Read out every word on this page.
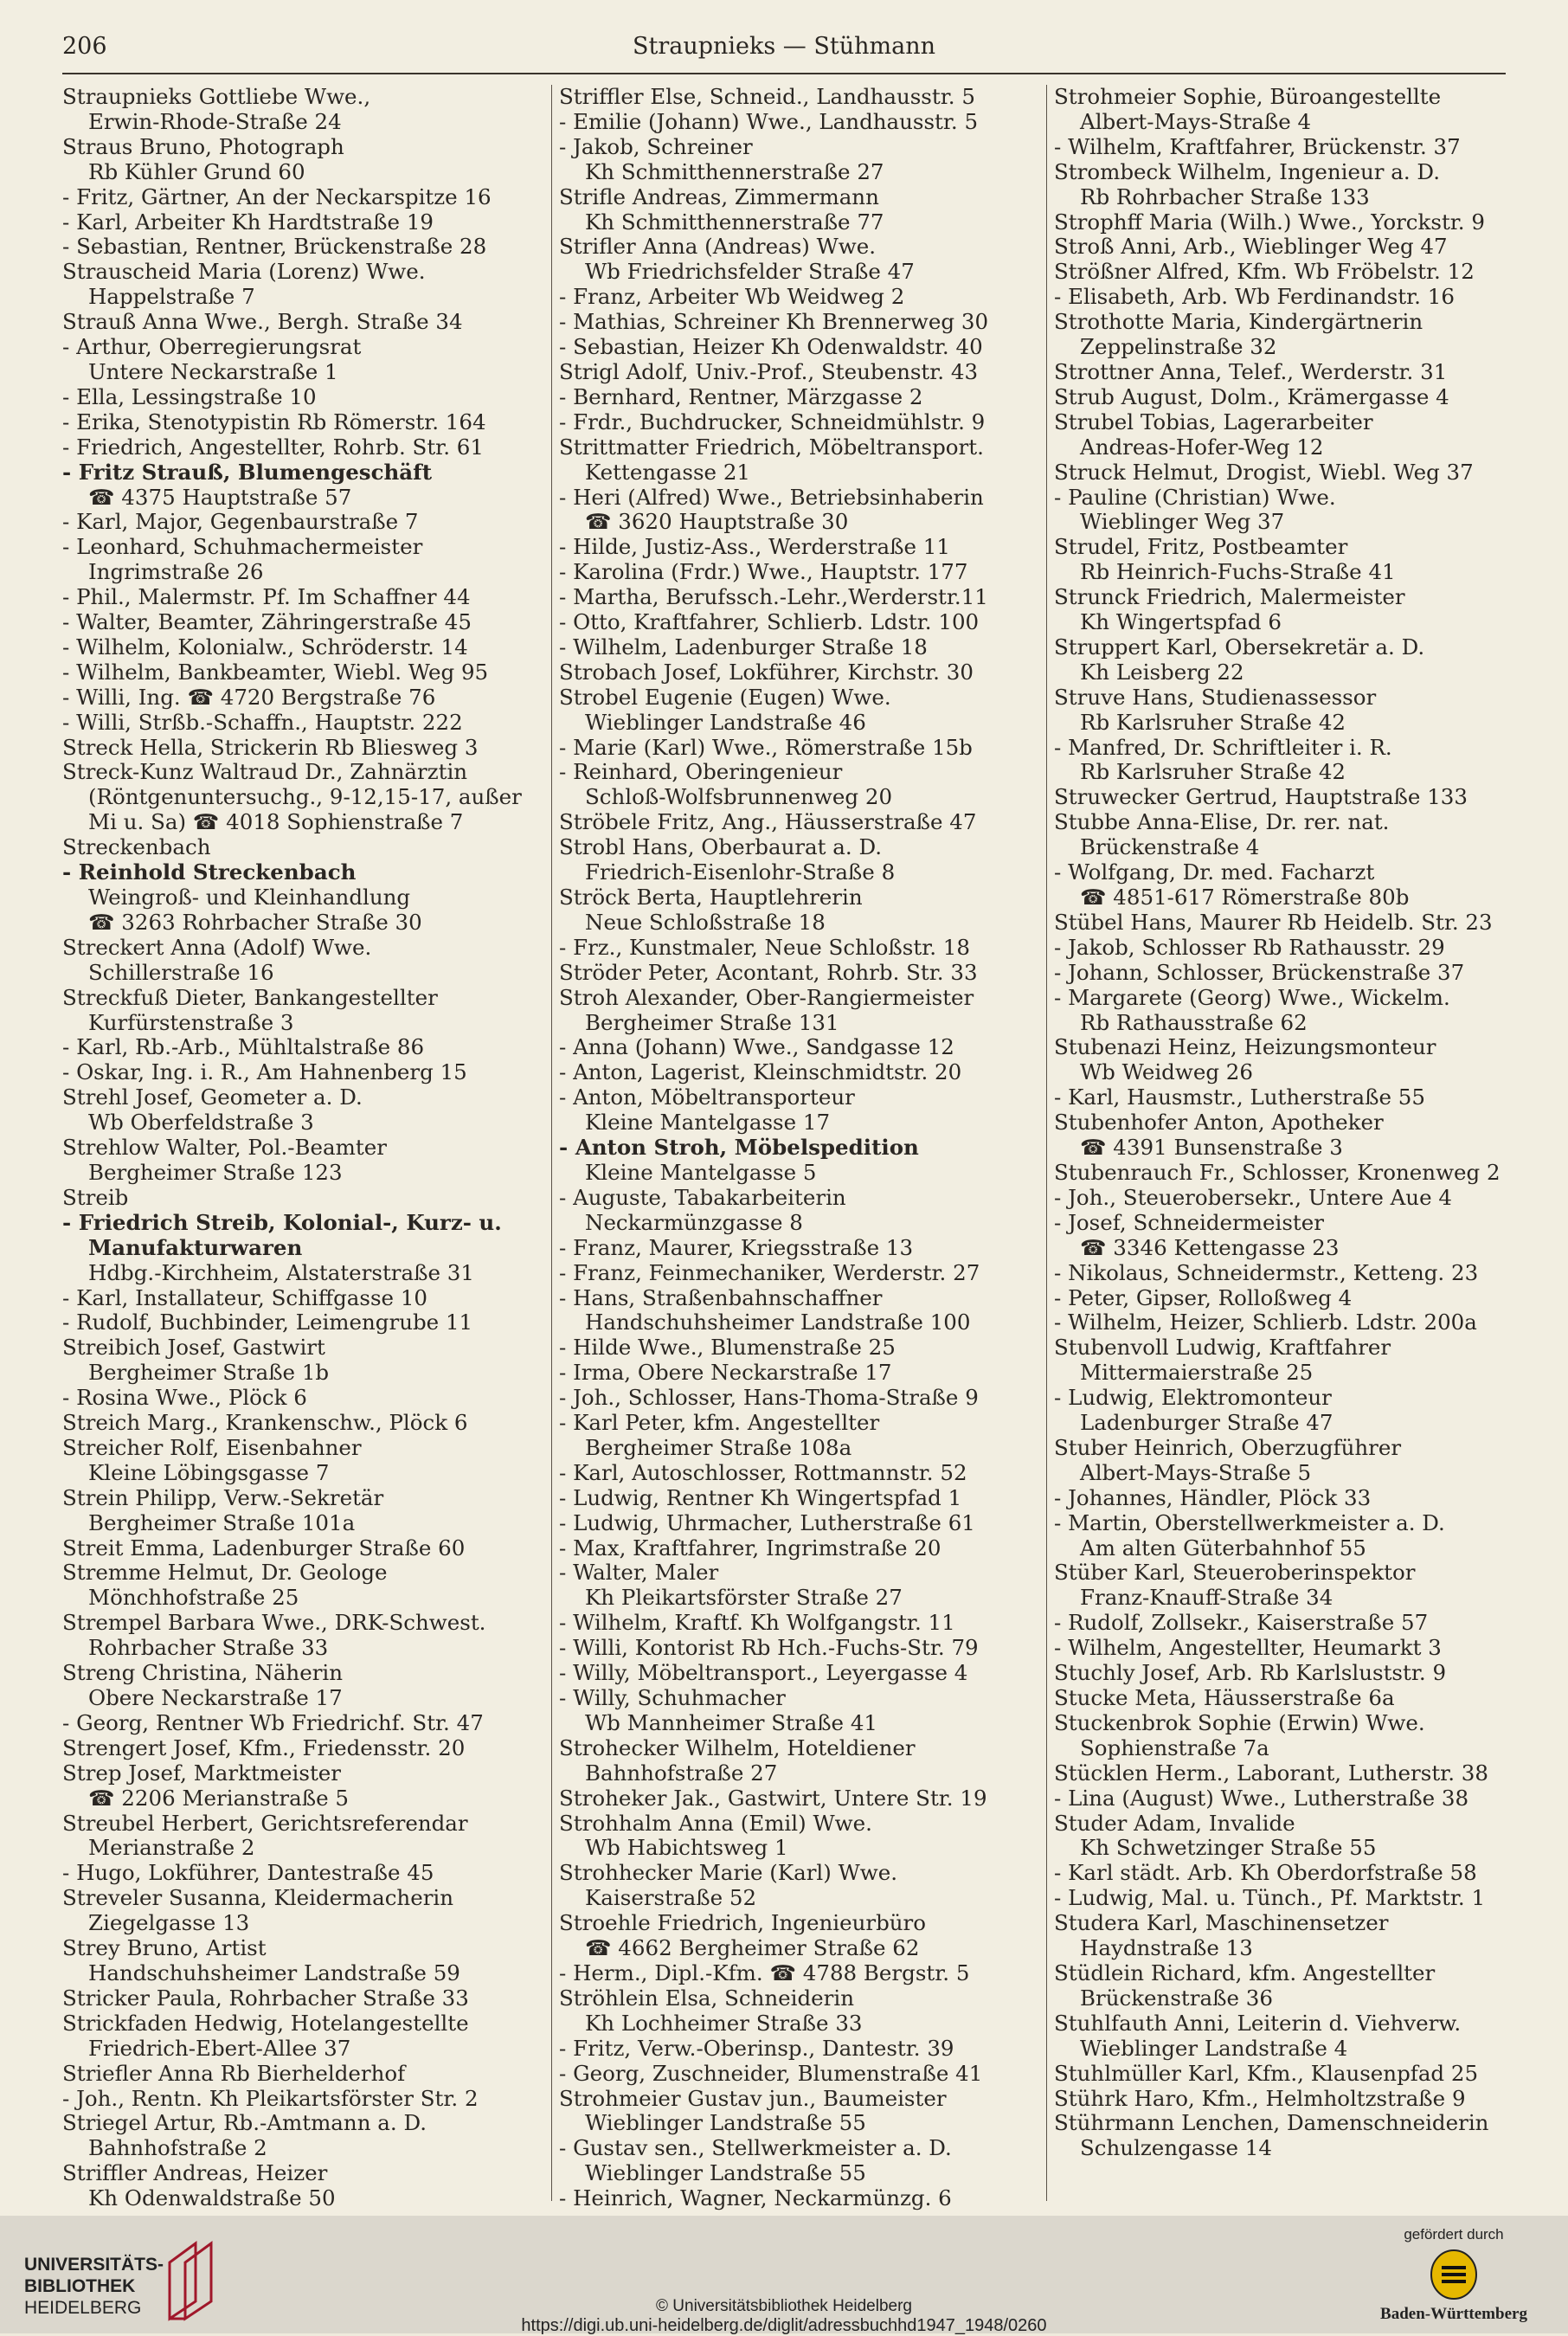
206	Straupnieks — Stühmann
Straupnieks Gottliebe Wwe.,
Erwin-Rhode-Straße 24
Straus Bruno, Photograph
Rb Kühler Grund 60
- Fritz, Gärtner, An der Neckarspitze 16
- Karl, Arbeiter Kh Hardtstraße 19
- Sebastian, Rentner, Brückenstraße 28
Strauscheid Maria (Lorenz) Wwe.
Happelstraße 7
Strauß Anna Wwe., Bergh. Straße 34
- Arthur, Oberregierungsrat
Untere Neckarstraße 1
- Ella, Lessingstraße 10
- Erika, Stenotypistin Rb Römerstr. 164
- Friedrich, Angestellter, Rohrb. Str. 61
- Fritz Strauß, Blumengeschäft
☎ 4375 Hauptstraße 57
- Karl, Major, Gegenbaurstraße 7
- Leonhard, Schuhmachermeister
Ingrimstraße 26
- Phil., Malermstr. Pf. Im Schaffner 44
- Walter, Beamter, Zähringerstraße 45
- Wilhelm, Kolonialw., Schröderstr. 14
- Wilhelm, Bankbeamter, Wiebl. Weg 95
- Willi, Ing. ☎ 4720 Bergstraße 76
- Willi, Strßb.-Schaffn., Hauptstr. 222
Streck Hella, Strickerin Rb Bliesweg 3
Streck-Kunz Waltraud Dr., Zahnärztin
(Röntgenuntersuchg., 9-12,15-17, außer
Mi u. Sa) ☎ 4018 Sophienstraße 7
Streckenbach
- Reinhold Streckenbach
Weingroß- und Kleinhandlung
☎ 3263 Rohrbacher Straße 30
Streckert Anna (Adolf) Wwe.
Schillerstraße 16
Streckfuß Dieter, Bankangestellter
Kurfürstenstraße 3
- Karl, Rb.-Arb., Mühltalstraße 86
- Oskar, Ing. i. R., Am Hahnenberg 15
Strehl Josef, Geometer a. D.
Wb Oberfeldstraße 3
Strehlow Walter, Pol.-Beamter
Bergheimer Straße 123
Streib
- Friedrich Streib, Kolonial-, Kurz- u.
Manufakturwaren
Hdbg.-Kirchheim, Alstaterstraße 31
- Karl, Installateur, Schiffgasse 10
- Rudolf, Buchbinder, Leimengrube 11
Streibich Josef, Gastwirt
Bergheimer Straße 1b
- Rosina Wwe., Plöck 6
Streich Marg., Krankenschw., Plöck 6
Streicher Rolf, Eisenbahner
Kleine Löbingsgasse 7
Strein Philipp, Verw.-Sekretär
Bergheimer Straße 101a
Streit Emma, Ladenburger Straße 60
Stremme Helmut, Dr. Geologe
Mönchhofstraße 25
Strempel Barbara Wwe., DRK-Schwest.
Rohrbacher Straße 33
Streng Christina, Näherin
Obere Neckarstraße 17
- Georg, Rentner Wb Friedrichf. Str. 47
Strengert Josef, Kfm., Friedensstr. 20
Strep Josef, Marktmeister
☎ 2206 Merianstraße 5
Streubel Herbert, Gerichtsreferendar
Merianstraße 2
- Hugo, Lokführer, Dantestraße 45
Streveler Susanna, Kleidermacherin
Ziegelgasse 13
Strey Bruno, Artist
Handschuhsheimer Landstraße 59
Stricker Paula, Rohrbacher Straße 33
Strickfaden Hedwig, Hotelangestellte
Friedrich-Ebert-Allee 37
Striefler Anna Rb Bierhelderhof
- Joh., Rentn. Kh Pleikartsförster Str. 2
Striegel Artur, Rb.-Amtmann a. D.
Bahnhofstraße 2
Striffler Andreas, Heizer
Kh Odenwaldstraße 50
Striffler Else, Schneid., Landhausstr. 5
- Emilie (Johann) Wwe., Landhausstr. 5
- Jakob, Schreiner
Kh Schmitthennerstraße 27
Strifle Andreas, Zimmermann
Kh Schmitthennerstraße 77
Strifler Anna (Andreas) Wwe.
Wb Friedrichsfelder Straße 47
- Franz, Arbeiter Wb Weidweg 2
- Mathias, Schreiner Kh Brennerweg 30
- Sebastian, Heizer Kh Odenwaldstr. 40
Strigl Adolf, Univ.-Prof., Steubenstr. 43
- Bernhard, Rentner, Märzgasse 2
- Frdr., Buchdrucker, Schneidmühlstr. 9
Strittmatter Friedrich, Möbeltransport.
Kettengasse 21
- Heri (Alfred) Wwe., Betriebsinhaberin
☎ 3620 Hauptstraße 30
- Hilde, Justiz-Ass., Werderstraße 11
- Karolina (Frdr.) Wwe., Hauptstr. 177
- Martha, Berufssch.-Lehr.,Werderstr.11
- Otto, Kraftfahrer, Schlierb. Ldstr. 100
- Wilhelm, Ladenburger Straße 18
Strobach Josef, Lokführer, Kirchstr. 30
Strobel Eugenie (Eugen) Wwe.
Wieblinger Landstraße 46
- Marie (Karl) Wwe., Römerstraße 15b
- Reinhard, Oberingenieur
Schloß-Wolfsbrunnenweg 20
Ströbele Fritz, Ang., Häusserstraße 47
Strobl Hans, Oberbaurat a. D.
Friedrich-Eisenlohr-Straße 8
Ströck Berta, Hauptlehrerin
Neue Schloßstraße 18
- Frz., Kunstmaler, Neue Schloßstr. 18
Ströder Peter, Acontant, Rohrb. Str. 33
Stroh Alexander, Ober-Rangiermeister
Bergheimer Straße 131
- Anna (Johann) Wwe., Sandgasse 12
- Anton, Lagerist, Kleinschmidtstr. 20
- Anton, Möbeltransporteur
Kleine Mantelgasse 17
- Anton Stroh, Möbelspedition
Kleine Mantelgasse 5
- Auguste, Tabakarbeiterin
Neckarmünzgasse 8
- Franz, Maurer, Kriegsstraße 13
- Franz, Feinmechaniker, Werderstr. 27
- Hans, Straßenbahnschaffner
Handschuhsheimer Landstraße 100
- Hilde Wwe., Blumenstraße 25
- Irma, Obere Neckarstraße 17
- Joh., Schlosser, Hans-Thoma-Straße 9
- Karl Peter, kfm. Angestellter
Bergheimer Straße 108a
- Karl, Autoschlosser, Rottmannstr. 52
- Ludwig, Rentner Kh Wingertspfad 1
- Ludwig, Uhrmacher, Lutherstraße 61
- Max, Kraftfahrer, Ingrimstraße 20
- Walter, Maler
Kh Pleikartsförster Straße 27
- Wilhelm, Kraftf. Kh Wolfgangstr. 11
- Willi, Kontorist Rb Hch.-Fuchs-Str. 79
- Willy, Möbeltransport., Leyergasse 4
- Willy, Schuhmacher
Wb Mannheimer Straße 41
Strohecker Wilhelm, Hoteldiener
Bahnhofstraße 27
Stroheker Jak., Gastwirt, Untere Str. 19
Strohhalm Anna (Emil) Wwe.
Wb Habichtsweg 1
Strohhecker Marie (Karl) Wwe.
Kaiserstraße 52
Stroehle Friedrich, Ingenieurbüro
☎ 4662 Bergheimer Straße 62
- Herm., Dipl.-Kfm. ☎ 4788 Bergstr. 5
Ströhlein Elsa, Schneiderin
Kh Lochheimer Straße 33
- Fritz, Verw.-Oberinsp., Dantestr. 39
- Georg, Zuschneider, Blumenstraße 41
Strohmeier Gustav jun., Baumeister
Wieblinger Landstraße 55
- Gustav sen., Stellwerkmeister a. D.
Wieblinger Landstraße 55
- Heinrich, Wagner, Neckarmünzg. 6
Strohmeier Sophie, Büroangestellte
Albert-Mays-Straße 4
- Wilhelm, Kraftfahrer, Brückenstr. 37
Strombeck Wilhelm, Ingenieur a. D.
Rb Rohrbacher Straße 133
Strophff Maria (Wilh.) Wwe., Yorckstr. 9
Stroß Anni, Arb., Wieblinger Weg 47
Strößner Alfred, Kfm. Wb Fröbelstr. 12
- Elisabeth, Arb. Wb Ferdinandstr. 16
Strothotte Maria, Kindergärtnerin
Zeppelinstraße 32
Strottner Anna, Telef., Werderstr. 31
Strub August, Dolm., Krämergasse 4
Strubel Tobias, Lagerarbeiter
Andreas-Hofer-Weg 12
Struck Helmut, Drogist, Wiebl. Weg 37
- Pauline (Christian) Wwe.
Wieblinger Weg 37
Strudel, Fritz, Postbeamter
Rb Heinrich-Fuchs-Straße 41
Strunck Friedrich, Malermeister
Kh Wingertspfad 6
Struppert Karl, Obersekretär a. D.
Kh Leisberg 22
Struve Hans, Studienassessor
Rb Karlsruher Straße 42
- Manfred, Dr. Schriftleiter i. R.
Rb Karlsruher Straße 42
Struwecker Gertrud, Hauptstraße 133
Stubbe Anna-Elise, Dr. rer. nat.
Brückenstraße 4
- Wolfgang, Dr. med. Facharzt
☎ 4851-617 Römerstraße 80b
Stübel Hans, Maurer Rb Heidelb. Str. 23
- Jakob, Schlosser Rb Rathausstr. 29
- Johann, Schlosser, Brückenstraße 37
- Margarete (Georg) Wwe., Wickelm.
Rb Rathausstraße 62
Stubenazi Heinz, Heizungsmonteur
Wb Weidweg 26
- Karl, Hausmstr., Lutherstraße 55
Stubenhofer Anton, Apotheker
☎ 4391 Bunsenstraße 3
Stubenrauch Fr., Schlosser, Kronenweg 2
- Joh., Steuerobersekr., Untere Aue 4
- Josef, Schneidermeister
☎ 3346 Kettengasse 23
- Nikolaus, Schneidermstr., Ketteng. 23
- Peter, Gipser, Rolloßweg 4
- Wilhelm, Heizer, Schlierb. Ldstr. 200a
Stubenvoll Ludwig, Kraftfahrer
Mittermaierstraße 25
- Ludwig, Elektromonteur
Ladenburger Straße 47
Stuber Heinrich, Oberzugführer
Albert-Mays-Straße 5
- Johannes, Händler, Plöck 33
- Martin, Oberstellwerkmeister a. D.
Am alten Güterbahnhof 55
Stüber Karl, Steueroberinspektor
Franz-Knauff-Straße 34
- Rudolf, Zollsekr., Kaiserstraße 57
- Wilhelm, Angestellter, Heumarkt 3
Stuchly Josef, Arb. Rb Karlsluststr. 9
Stucke Meta, Häusserstraße 6a
Stuckenbrok Sophie (Erwin) Wwe.
Sophienstraße 7a
Stücklen Herm., Laborant, Lutherstr. 38
- Lina (August) Wwe., Lutherstraße 38
Studer Adam, Invalide
Kh Schwetzinger Straße 55
- Karl städt. Arb. Kh Oberdorfstraße 58
- Ludwig, Mal. u. Tünch., Pf. Marktstr. 1
Studera Karl, Maschinensetzer
Haydnstraße 13
Stüdlein Richard, kfm. Angestellter
Brückenstraße 36
Stuhlfauth Anni, Leiterin d. Viehverw.
Wieblinger Landstraße 4
Stuhlmüller Karl, Kfm., Klausenpfad 25
Stührk Haro, Kfm., Helmholtzstraße 9
Stührmann Lenchen, Damenschneiderin
Schulzengasse 14
UNIVERSITÄTS-
BIBLIOTHEK
HEIDELBERG	© Universitätsbibliothek Heidelberg
https://digi.ub.uni-heidelberg.de/diglit/adressbuchhd1947_1948/0260
gefördert durch
Baden-Württemberg
